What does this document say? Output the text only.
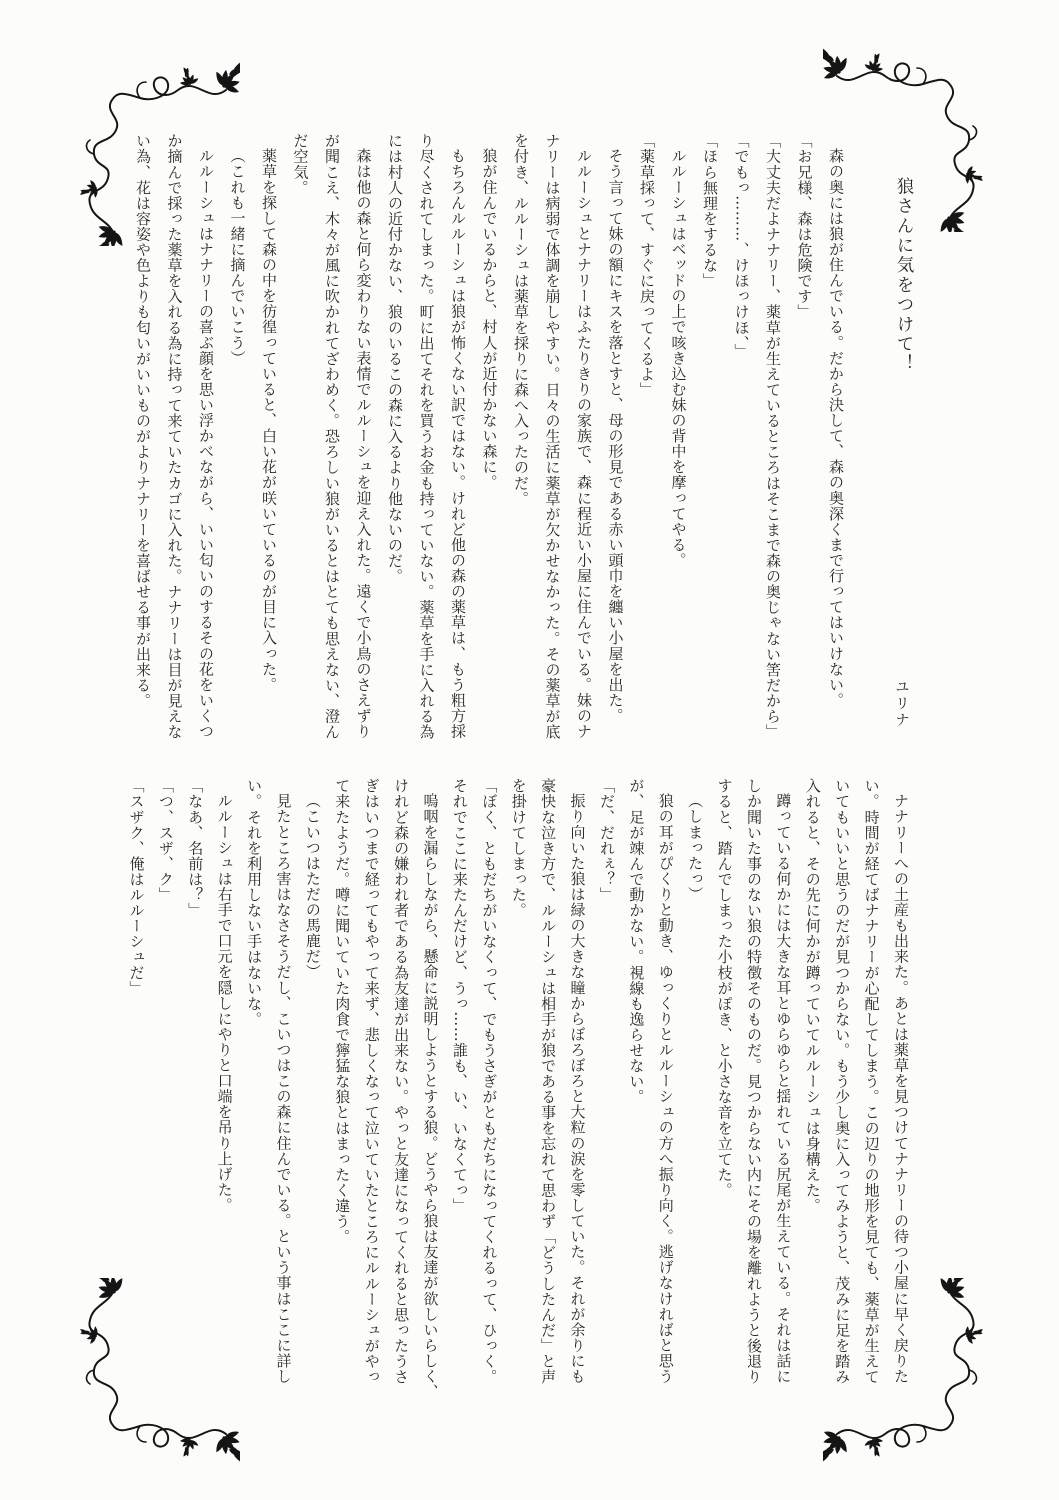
狼さんに気をつけて！
ユリナ
森の奥には狼が住んでいる。だから決して、森の奥深くまで行ってはいけない。
「お兄様、森は危険です」
「大丈夫だよナナリー、薬草が生えているところはそこまで森の奥じゃない筈だから」
「でもっ………、けほっけほ、」
「ほら無理をするな」
ルルーシュはベッドの上で咳き込む妹の背中を摩ってやる。
「薬草採って、すぐに戻ってくるよ」
そう言って妹の額にキスを落とすと、母の形見である赤い頭巾を纏い小屋を出た。
ルルーシュとナナリーはふたりきりの家族で、森に程近い小屋に住んでいる。妹のナ
ナリーは病弱で体調を崩しやすい。日々の生活に薬草が欠かせなかった。その薬草が底
を付き、ルルーシュは薬草を採りに森へ入ったのだ。
狼が住んでいるからと、村人が近付かない森に。
もちろんルルーシュは狼が怖くない訳ではない。けれど他の森の薬草は、もう粗方採
り尽くされてしまった。町に出てそれを買うお金も持っていない。薬草を手に入れる為
には村人の近付かない、狼のいるこの森に入るより他ないのだ。
森は他の森と何ら変わりない表情でルルーシュを迎え入れた。遠くで小鳥のさえずり
が聞こえ、木々が風に吹かれてざわめく。恐ろしい狼がいるとはとても思えない、澄ん
だ空気。
薬草を探して森の中を彷徨っていると、白い花が咲いているのが目に入った。
（これも一緒に摘んでいこう）
ルルーシュはナナリーの喜ぶ顔を思い浮かべながら、いい匂いのするその花をいくつ
か摘んで採った薬草を入れる為に持って来ていたカゴに入れた。ナナリーは目が見えな
い為、花は容姿や色よりも匂いがいいものがよりナナリーを喜ばせる事が出来る。
ナナリーへの土産も出来た。あとは薬草を見つけてナナリーの待つ小屋に早く戻りた
い。時間が経てばナナリーが心配してしまう。この辺りの地形を見ても、薬草が生えて
いてもいいと思うのだが見つからない。もう少し奥に入ってみようと、茂みに足を踏み
入れると、その先に何かが蹲っていてルルーシュは身構えた。
蹲っている何かには大きな耳とゆらゆらと揺れている尻尾が生えている。それは話に
しか聞いた事のない狼の特徴そのものだ。見つからない内にその場を離れようと後退り
すると、踏んでしまった小枝がぽき、と小さな音を立てた。
（しまったっ）
狼の耳がぴくりと動き、ゆっくりとルルーシュの方へ振り向く。逃げなければと思う
が、足が竦んで動かない。視線も逸らせない。
「だ、だれぇ？」
振り向いた狼は緑の大きな瞳からぼろぼろと大粒の涙を零していた。それが余りにも
豪快な泣き方で、ルルーシュは相手が狼である事を忘れて思わず「どうしたんだ」と声
を掛けてしまった。
「ぼく、ともだちがいなくって、でもうさぎがともだちになってくれるって、ひっく。
それでここに来たんだけど、うっ……誰も、い、いなくてっ」
嗚咽を漏らしながら、懸命に説明しようとする狼。どうやら狼は友達が欲しいらしく、
けれど森の嫌われ者である為友達が出来ない。やっと友達になってくれると思ったうさ
ぎはいつまで経ってもやって来ず、悲しくなって泣いていたところにルルーシュがやっ
て来たようだ。噂に聞いていた肉食で獰猛な狼とはまったく違う。
（こいつはただの馬鹿だ）
見たところ害はなさそうだし、こいつはこの森に住んでいる。という事はここに詳し
い。それを利用しない手はないな。
ルルーシュは右手で口元を隠しにやりと口端を吊り上げた。
「なあ、名前は？」
「つ、スザ、ク」
「スザク、俺はルルーシュだ」
